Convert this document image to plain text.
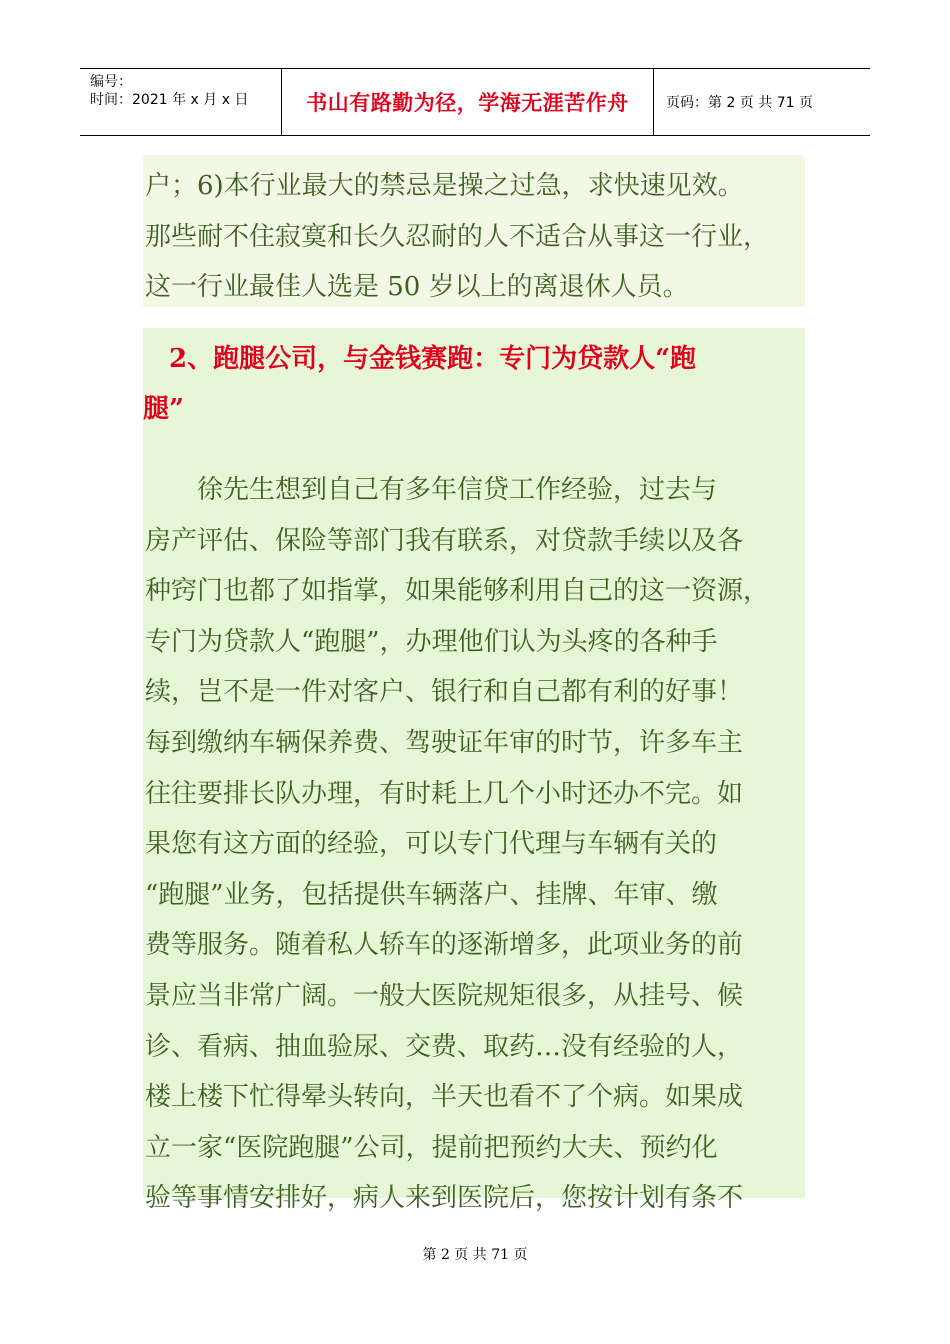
编号：
时间：2021 年 x 月 x 日	书山有路勤为径，学海无涯苦作舟	页码：第 2 页 共 71 页
户；6)本行业最大的禁忌是操之过急，求快速见效。
那些耐不住寂寞和长久忍耐的人不适合从事这一行业，
这一行业最佳人选是 50 岁以上的离退休人员。
2、跑腿公司，与金钱赛跑：专门为贷款人“跑
腿”

　　徐先生想到自己有多年信贷工作经验，过去与

房产评估、保险等部门我有联系，对贷款手续以及各

种窍门也都了如指掌，如果能够利用自己的这一资源，

专门为贷款人“跑腿”，办理他们认为头疼的各种手

续，岂不是一件对客户、银行和自己都有利的好事！

每到缴纳车辆保养费、驾驶证年审的时节，许多车主

往往要排长队办理，有时耗上几个小时还办不完。如

果您有这方面的经验，可以专门代理与车辆有关的

“跑腿”业务，包括提供车辆落户、挂牌、年审、缴

费等服务。随着私人轿车的逐渐增多，此项业务的前

景应当非常广阔。一般大医院规矩很多，从挂号、候

诊、看病、抽血验尿、交费、取药…没有经验的人，

楼上楼下忙得晕头转向，半天也看不了个病。如果成

立一家“医院跑腿”公司，提前把预约大夫、预约化

验等事情安排好，病人来到医院后，您按计划有条不

第 2 页 共 71 页
